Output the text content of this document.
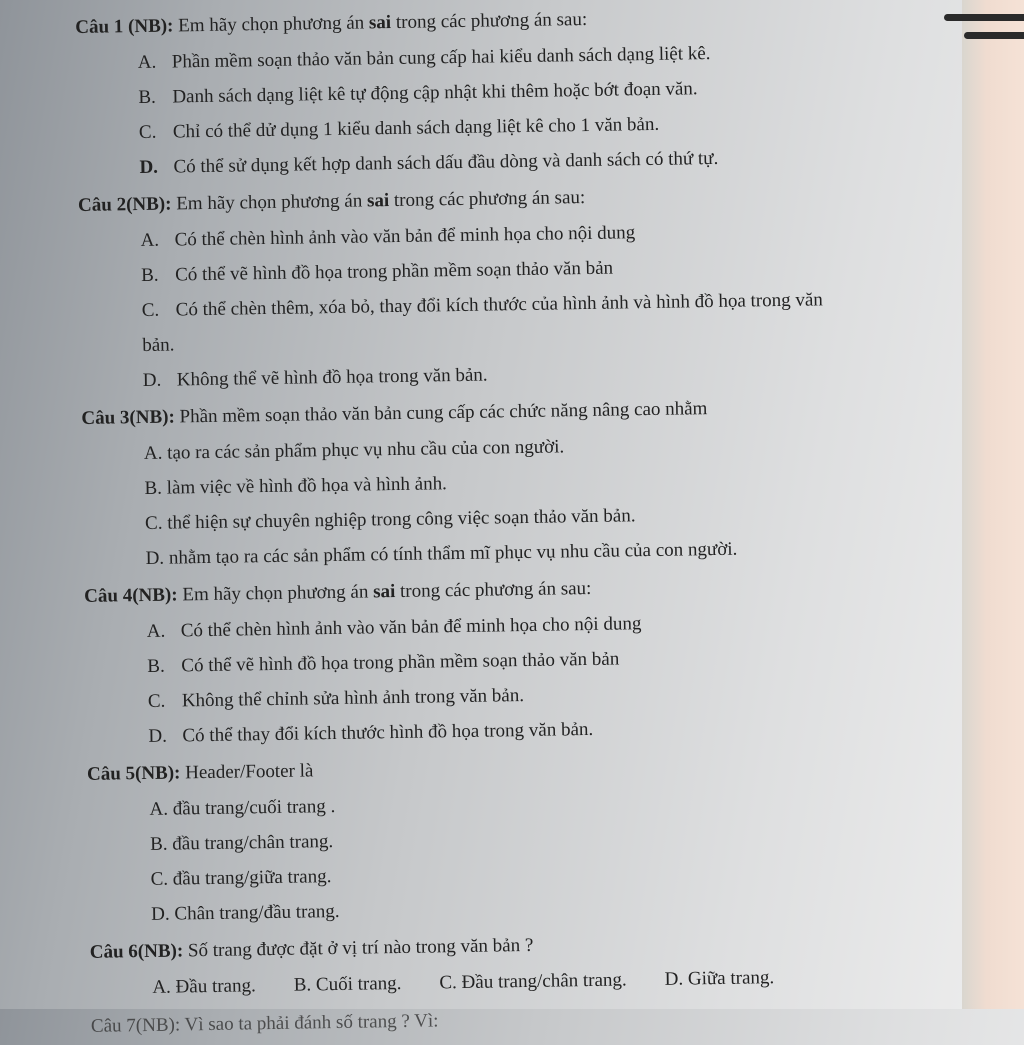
Câu 1 (NB): Em hãy chọn phương án sai trong các phương án sau:

A. Phần mềm soạn thảo văn bản cung cấp hai kiểu danh sách dạng liệt kê.
B. Danh sách dạng liệt kê tự động cập nhật khi thêm hoặc bớt đoạn văn.
C. Chỉ có thể dử dụng 1 kiểu danh sách dạng liệt kê cho 1 văn bản.
D. Có thể sử dụng kết hợp danh sách dấu đầu dòng và danh sách có thứ tự.

Câu 2(NB): Em hãy chọn phương án sai trong các phương án sau:

A. Có thể chèn hình ảnh vào văn bản để minh họa cho nội dung
B. Có thể vẽ hình đồ họa trong phần mềm soạn thảo văn bản
C. Có thể chèn thêm, xóa bỏ, thay đổi kích thước của hình ảnh và hình đồ họa trong văn
bản.
D. Không thể vẽ hình đồ họa trong văn bản.

Câu 3(NB): Phần mềm soạn thảo văn bản cung cấp các chức năng nâng cao nhằm

A. tạo ra các sản phẩm phục vụ nhu cầu của con người.
B. làm việc về hình đồ họa và hình ảnh.
C. thể hiện sự chuyên nghiệp trong công việc soạn thảo văn bản.
D. nhằm tạo ra các sản phẩm có tính thẩm mĩ phục vụ nhu cầu của con người.

Câu 4(NB): Em hãy chọn phương án sai trong các phương án sau:

A. Có thể chèn hình ảnh vào văn bản để minh họa cho nội dung
B. Có thể vẽ hình đồ họa trong phần mềm soạn thảo văn bản
C. Không thể chỉnh sửa hình ảnh trong văn bản.
D. Có thể thay đổi kích thước hình đồ họa trong văn bản.

Câu 5(NB): Header/Footer là

A. đầu trang/cuối trang .
B. đầu trang/chân trang.
C. đầu trang/giữa trang.
D. Chân trang/đầu trang.

Câu 6(NB): Số trang được đặt ở vị trí nào trong văn bản ?

A. Đầu trang. B. Cuối trang. C. Đầu trang/chân trang. D. Giữa trang.
Câu 7(NB): Vì sao ta phải đánh số trang ? Vì:
